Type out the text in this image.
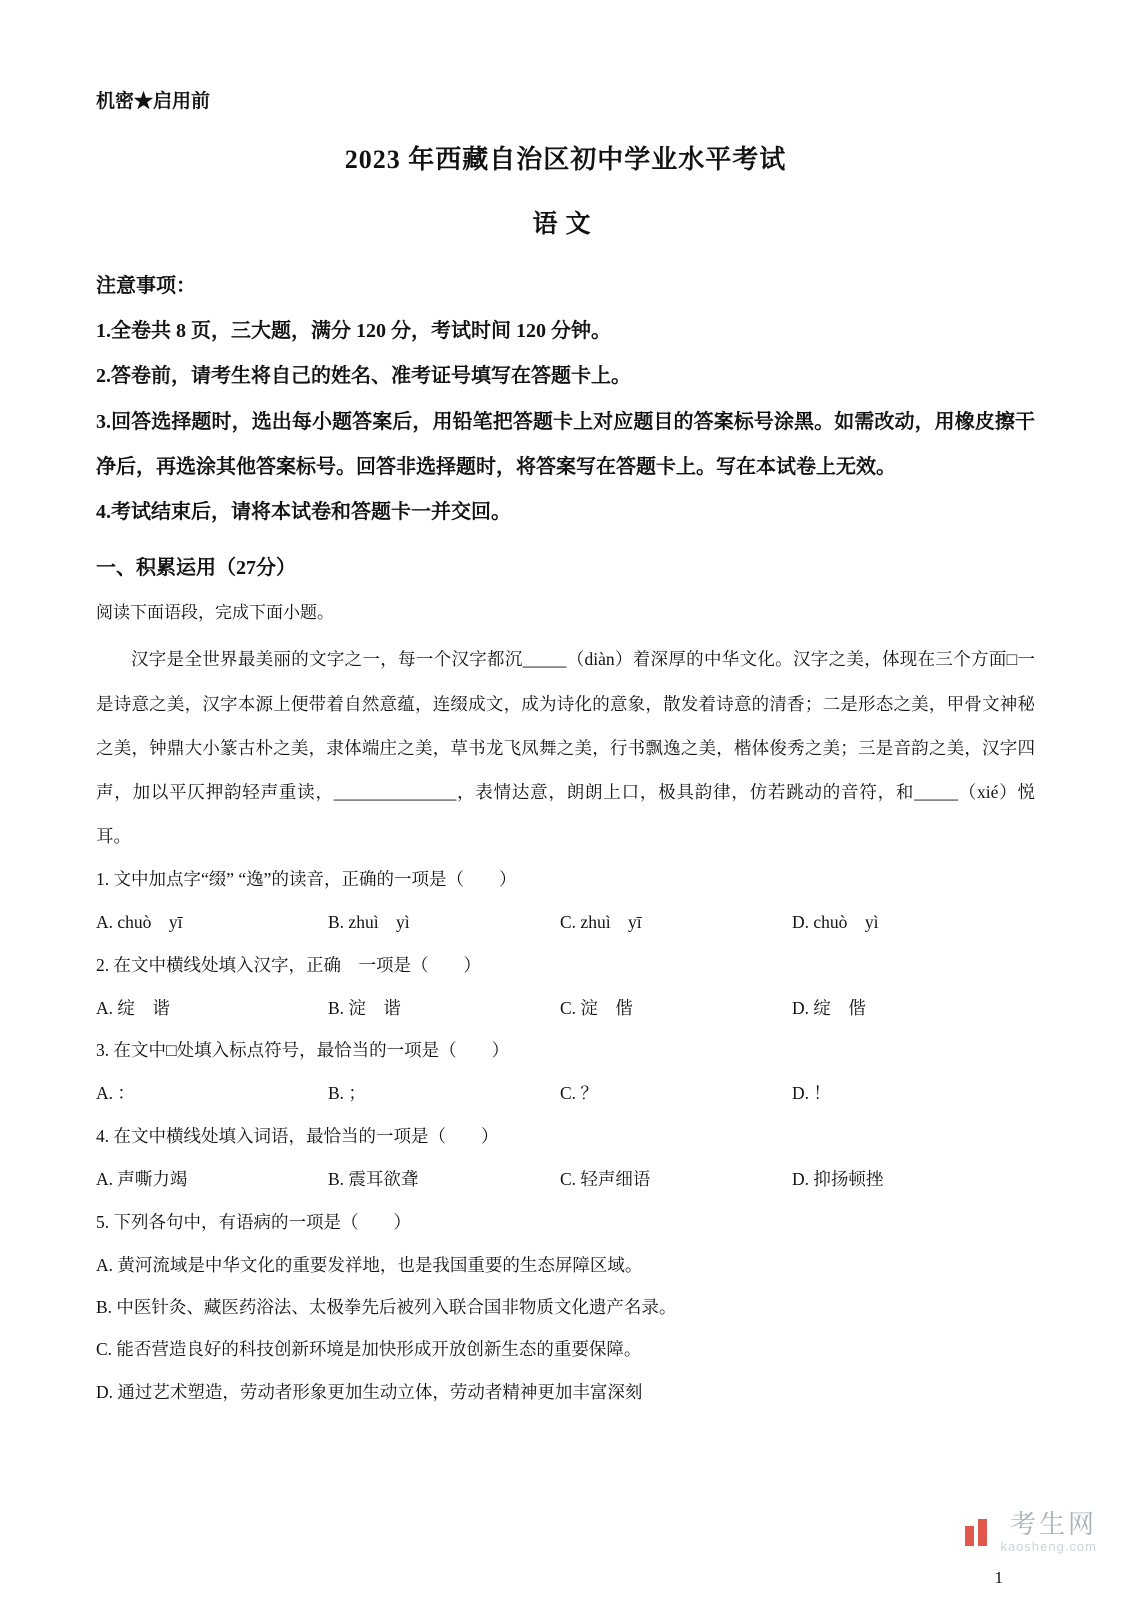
机密★启用前
2023 年西藏自治区初中学业水平考试
语文

注意事项：

1.全卷共 8 页，三大题，满分 120 分，考试时间 120 分钟。

2.答卷前，请考生将自己的姓名、准考证号填写在答题卡上。

3.回答选择题时，选出每小题答案后，用铅笔把答题卡上对应题目的答案标号涂黑。如需改动，用橡皮擦干净后，再选涂其他答案标号。回答非选择题时，将答案写在答题卡上。写在本试卷上无效。

4.考试结束后，请将本试卷和答题卡一并交回。

一、积累运用（27分）

阅读下面语段，完成下面小题。

汉字是全世界最美丽的文字之一，每一个汉字都沉_____（diàn）着深厚的中华文化。汉字之美，体现在三个方面□一是诗意之美，汉字本源上便带着自然意蕴，连缀成文，成为诗化的意象，散发着诗意的清香；二是形态之美，甲骨文神秘之美，钟鼎大小篆古朴之美，隶体端庄之美，草书龙飞凤舞之美，行书飘逸之美，楷体俊秀之美；三是音韵之美，汉字四声，加以平仄押韵轻声重读，______________，表情达意，朗朗上口，极具韵律，仿若跳动的音符，和_____（xié）悦耳。

1. 文中加点字“缀” “逸”的读音，正确的一项是（　　）

A. chuò　yī	B. zhuì　yì	C. zhuì　yī	D. chuò　yì

2. 在文中横线处填入汉字，正确　一项是（　　）

A. 绽　谐	B. 淀　谐	C. 淀　偕	D. 绽　偕

3. 在文中□处填入标点符号，最恰当的一项是（　　）

A. ：	B. ；	C. ？	D. ！

4. 在文中横线处填入词语，最恰当的一项是（　　）

A. 声嘶力竭	B. 震耳欲聋	C. 轻声细语	D. 抑扬顿挫

5. 下列各句中，有语病的一项是（　　）

A. 黄河流域是中华文化的重要发祥地，也是我国重要的生态屏障区域。

B. 中医针灸、藏医药浴法、太极拳先后被列入联合国非物质文化遗产名录。

C. 能否营造良好的科技创新环境是加快形成开放创新生态的重要保障。

D. 通过艺术塑造，劳动者形象更加生动立体，劳动者精神更加丰富深刻

考生网
kaosheng.com
1
